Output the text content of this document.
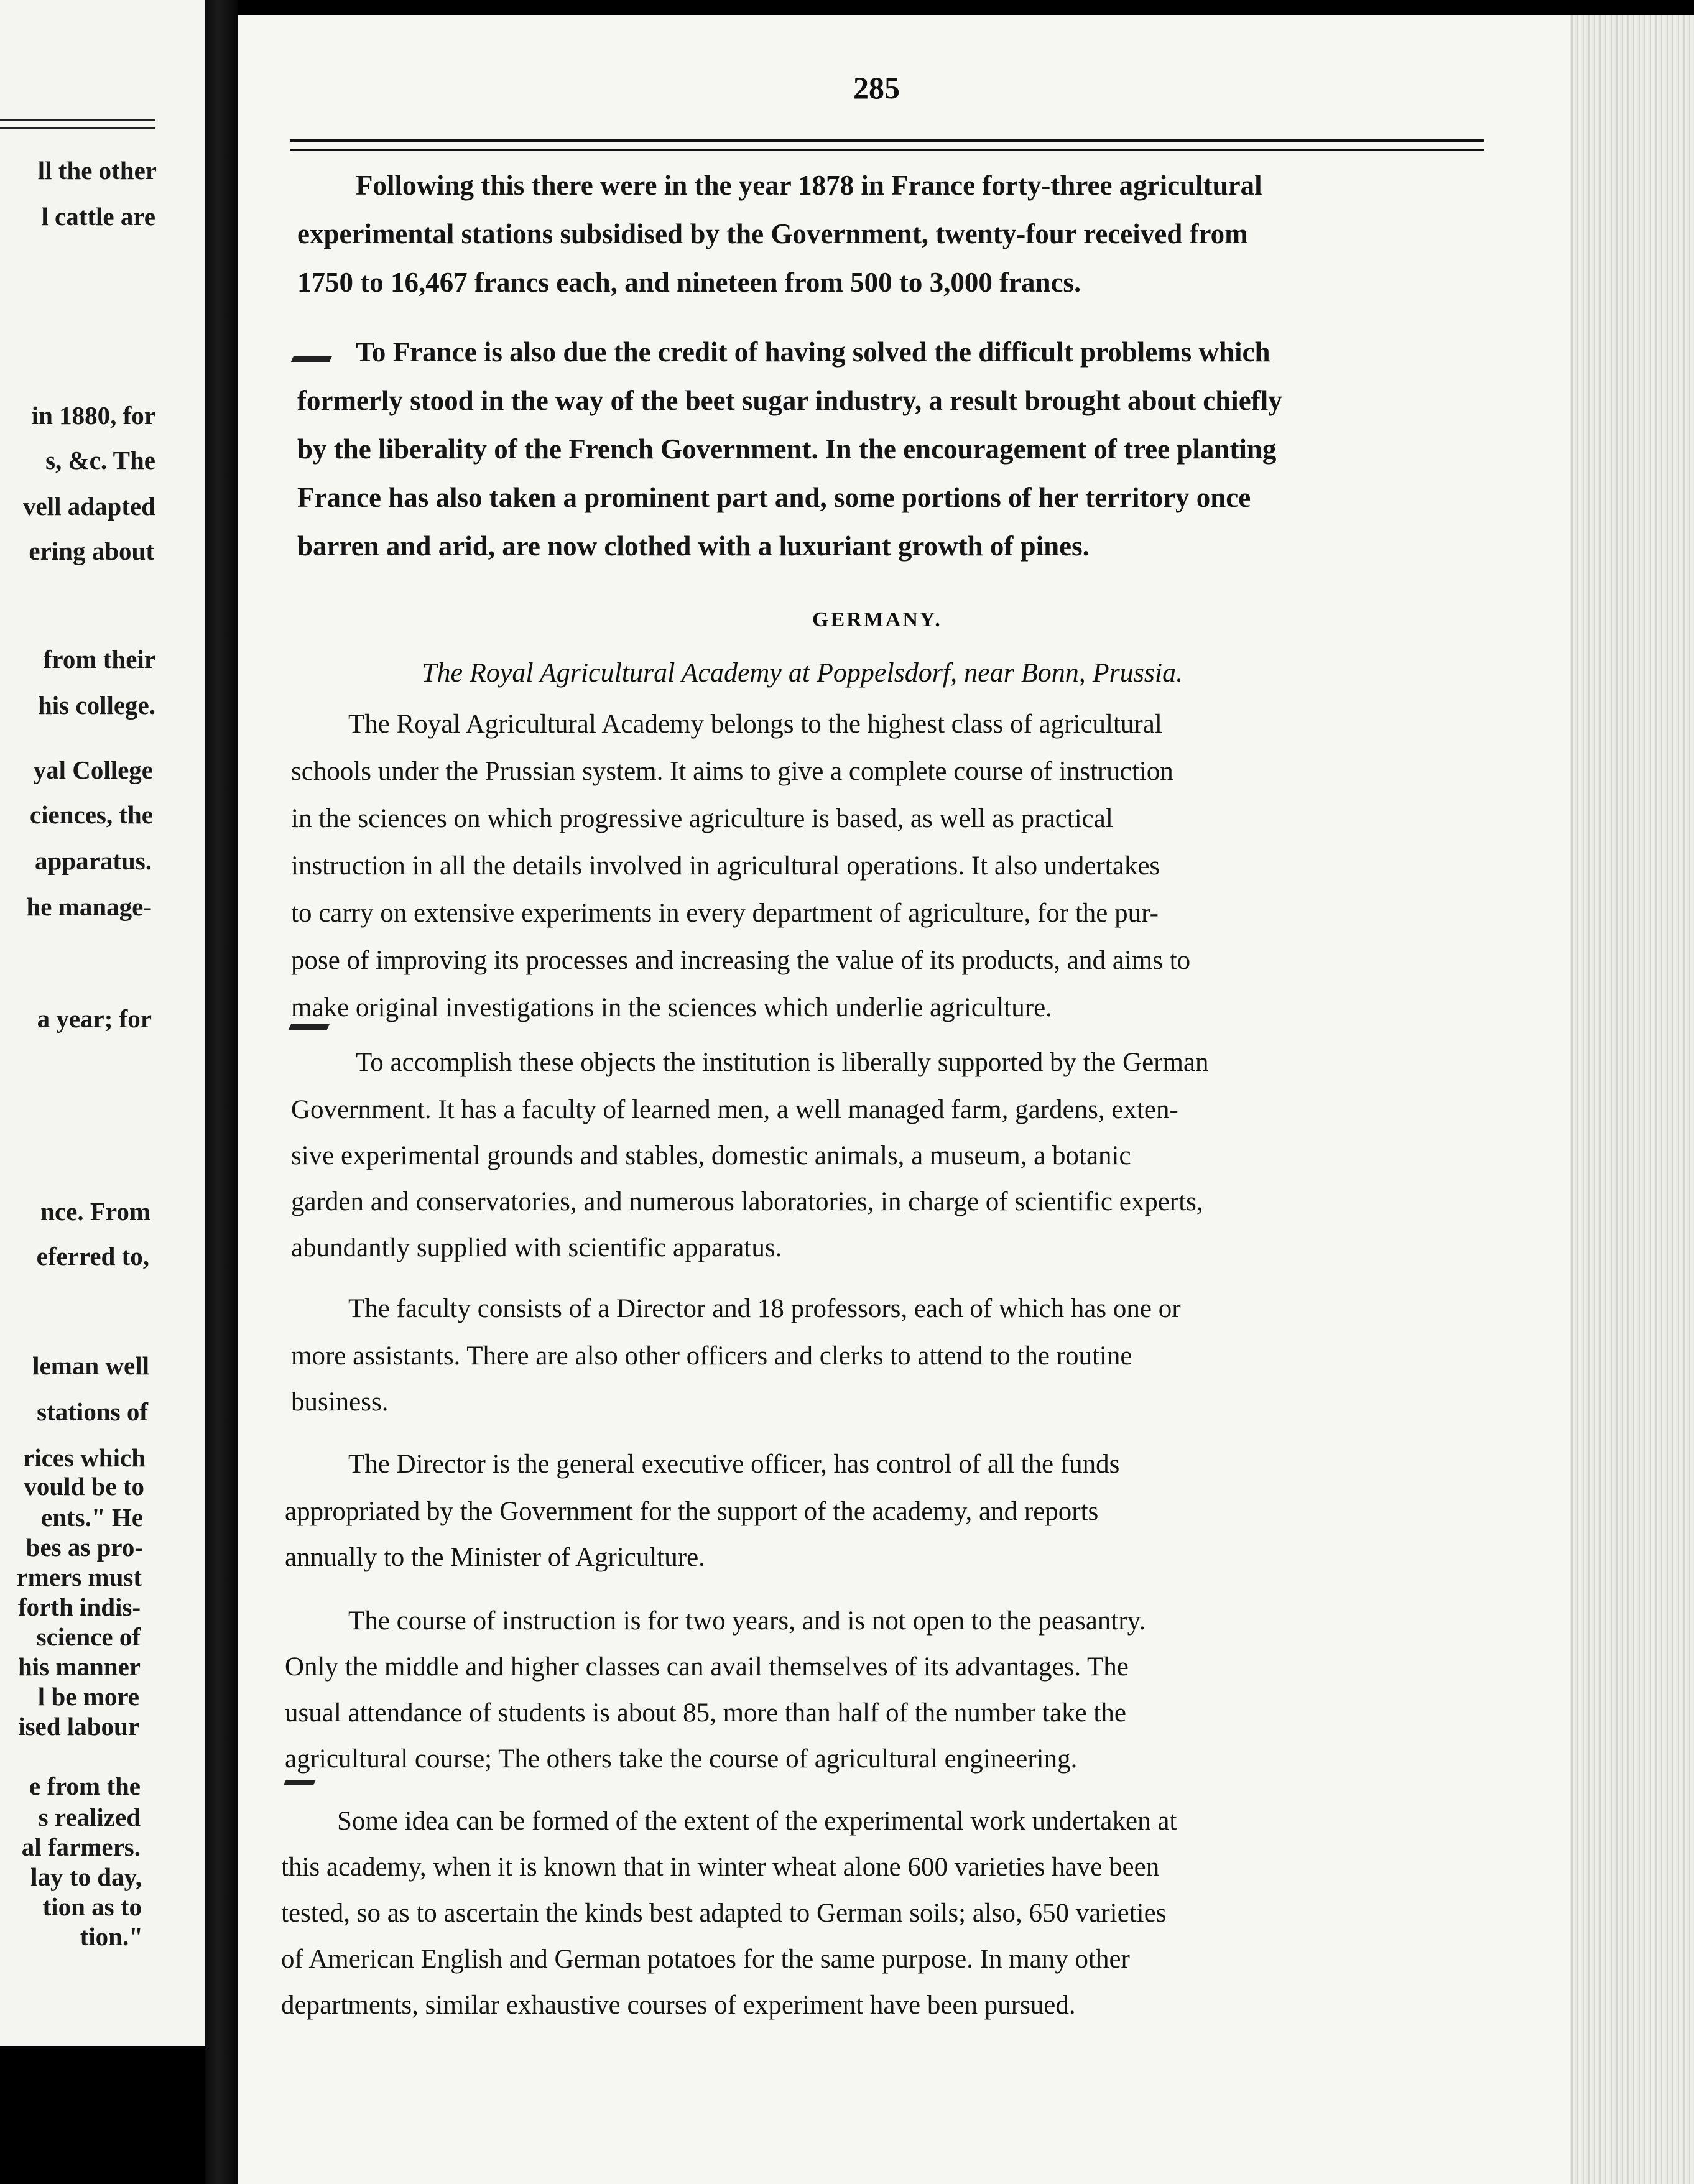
ll the other
l cattle are
in 1880, for
s, &c. The
vell adapted
ering about
from their
his college.
yal College
ciences, the
apparatus.
he manage-
a year; for
nce. From
eferred to,
leman well
stations of
rices which
vould be to
ents." He
bes as pro-
rmers must
forth indis-
science of
his manner
l be more
ised labour
e from the
s realized
al farmers.
lay to day,
tion as to
tion."
285
Following this there were in the year 1878 in France forty-three agricultural
experimental stations subsidised by the Government, twenty-four received from
1750 to 16,467 francs each, and nineteen from 500 to 3,000 francs.
To France is also due the credit of having solved the difficult problems which
formerly stood in the way of the beet sugar industry, a result brought about chiefly
by the liberality of the French Government. In the encouragement of tree planting
France has also taken a prominent part and, some portions of her territory once
barren and arid, are now clothed with a luxuriant growth of pines.
GERMANY.
The Royal Agricultural Academy at Poppelsdorf, near Bonn, Prussia.
The Royal Agricultural Academy belongs to the highest class of agricultural
schools under the Prussian system. It aims to give a complete course of instruction
in the sciences on which progressive agriculture is based, as well as practical
instruction in all the details involved in agricultural operations. It also undertakes
to carry on extensive experiments in every department of agriculture, for the pur-
pose of improving its processes and increasing the value of its products, and aims to
make original investigations in the sciences which underlie agriculture.
To accomplish these objects the institution is liberally supported by the German
Government. It has a faculty of learned men, a well managed farm, gardens, exten-
sive experimental grounds and stables, domestic animals, a museum, a botanic
garden and conservatories, and numerous laboratories, in charge of scientific experts,
abundantly supplied with scientific apparatus.
The faculty consists of a Director and 18 professors, each of which has one or
more assistants. There are also other officers and clerks to attend to the routine
business.
The Director is the general executive officer, has control of all the funds
appropriated by the Government for the support of the academy, and reports
annually to the Minister of Agriculture.
The course of instruction is for two years, and is not open to the peasantry.
Only the middle and higher classes can avail themselves of its advantages. The
usual attendance of students is about 85, more than half of the number take the
agricultural course; The others take the course of agricultural engineering.
Some idea can be formed of the extent of the experimental work undertaken at
this academy, when it is known that in winter wheat alone 600 varieties have been
tested, so as to ascertain the kinds best adapted to German soils; also, 650 varieties
of American English and German potatoes for the same purpose. In many other
departments, similar exhaustive courses of experiment have been pursued.
